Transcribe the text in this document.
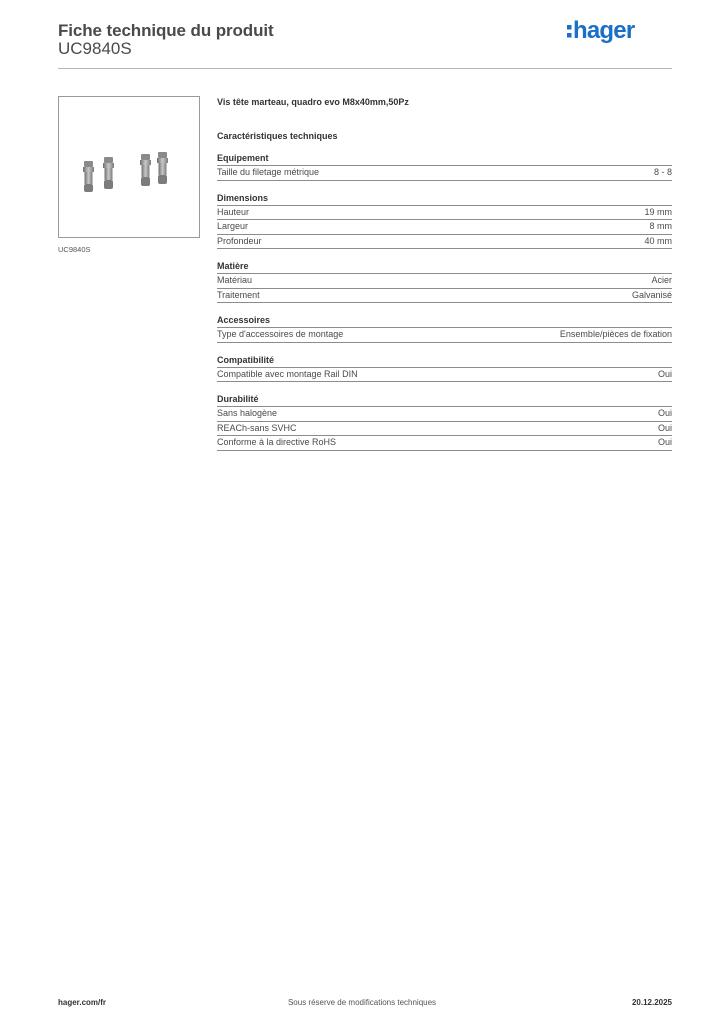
Fiche technique du produit
UC9840S
hager
UC9840S
Vis tête marteau, quadro evo M8x40mm,50Pz
Caractéristiques techniques
Equipement
Taille du filetage métrique	8 - 8
Dimensions
Hauteur	19 mm
Largeur	8 mm
Profondeur	40 mm
Matière
Matériau	Acier
Traitement	Galvanisé
Accessoires
Type d'accessoires de montage	Ensemble/pièces de fixation
Compatibilité
Compatible avec montage Rail DIN	Oui
Durabilité
Sans halogène	Oui
REACh-sans SVHC	Oui
Conforme à la directive RoHS	Oui
hager.com/fr	Sous réserve de modifications techniques	20.12.2025
